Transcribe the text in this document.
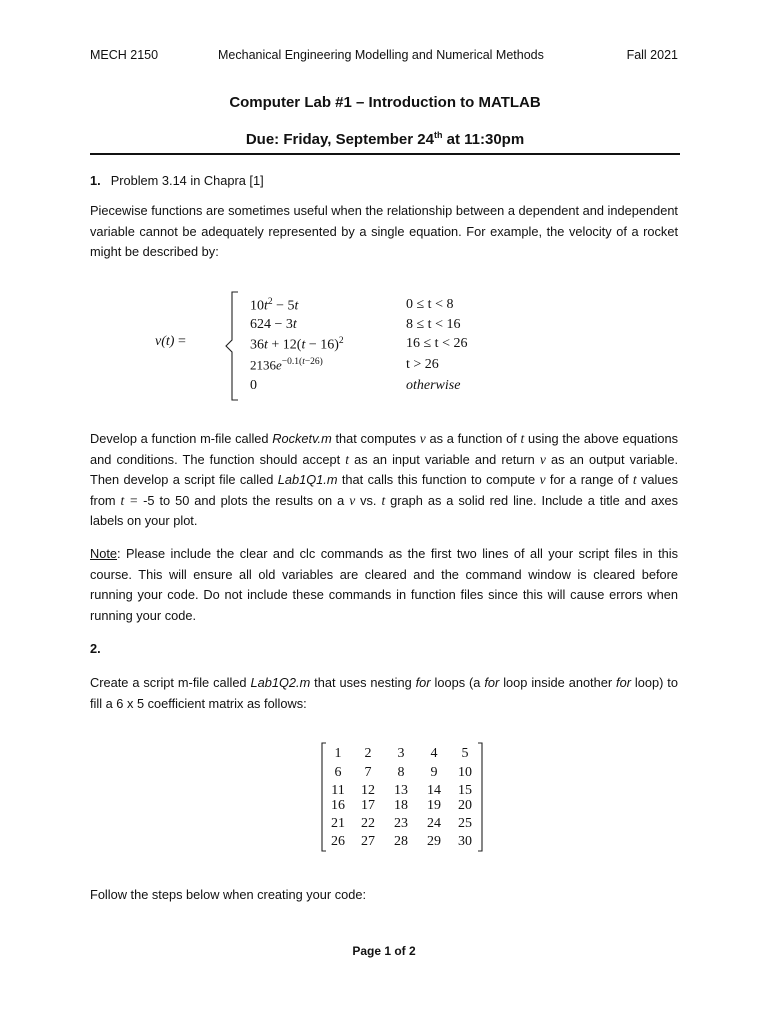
MECH 2150	Mechanical Engineering Modelling and Numerical Methods	Fall 2021
Computer Lab #1 – Introduction to MATLAB
Due: Friday, September 24th at 11:30pm
1. Problem 3.14 in Chapra [1]
Piecewise functions are sometimes useful when the relationship between a dependent and independent variable cannot be adequately represented by a single equation. For example, the velocity of a rocket might be described by:
v(t) =
$10t^2 - 5t$	0 ≤ t < 8
624 − 3t	8 ≤ t < 16
$36t + 12(t - 16)^2$	16 ≤ t < 26
$2136e^{-0.1(t-26)}$	t > 26
0	otherwise
Develop a function m-file called Rocketv.m that computes v as a function of t using the above equations and conditions. The function should accept t as an input variable and return v as an output variable. Then develop a script file called Lab1Q1.m that calls this function to compute v for a range of t values from t = -5 to 50 and plots the results on a v vs. t graph as a solid red line. Include a title and axes labels on your plot.
Note: Please include the clear and clc commands as the first two lines of all your script files in this course. This will ensure all old variables are cleared and the command window is cleared before running your code. Do not include these commands in function files since this will cause errors when running your code.
2.
Create a script m-file called Lab1Q2.m that uses nesting for loops (a for loop inside another for loop) to fill a 6 x 5 coefficient matrix as follows:
1	2	3	4	5
6	7	8	9	10
11	12	13	14	15
16	17	18	19	20
21	22	23	24	25
26	27	28	29	30
Follow the steps below when creating your code:
Page 1 of 2
